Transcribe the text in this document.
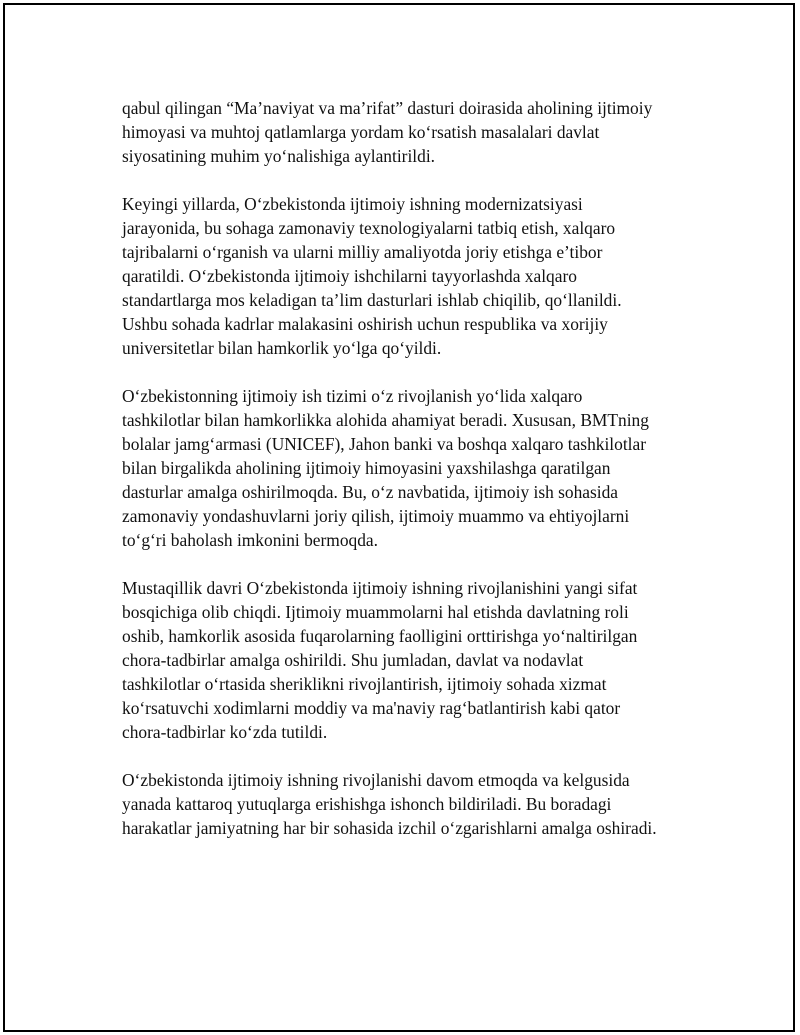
qabul qilingan “Ma’naviyat va ma’rifat” dasturi doirasida aholining ijtimoiy
himoyasi va muhtoj qatlamlarga yordam ko‘rsatish masalalari davlat
siyosatining muhim yo‘nalishiga aylantirildi.

Keyingi yillarda, O‘zbekistonda ijtimoiy ishning modernizatsiyasi
jarayonida, bu sohaga zamonaviy texnologiyalarni tatbiq etish, xalqaro
tajribalarni o‘rganish va ularni milliy amaliyotda joriy etishga e’tibor
qaratildi. O‘zbekistonda ijtimoiy ishchilarni tayyorlashda xalqaro
standartlarga mos keladigan ta’lim dasturlari ishlab chiqilib, qo‘llanildi.
Ushbu sohada kadrlar malakasini oshirish uchun respublika va xorijiy
universitetlar bilan hamkorlik yo‘lga qo‘yildi.

O‘zbekistonning ijtimoiy ish tizimi o‘z rivojlanish yo‘lida xalqaro
tashkilotlar bilan hamkorlikka alohida ahamiyat beradi. Xususan, BMTning
bolalar jamg‘armasi (UNICEF), Jahon banki va boshqa xalqaro tashkilotlar
bilan birgalikda aholining ijtimoiy himoyasini yaxshilashga qaratilgan
dasturlar amalga oshirilmoqda. Bu, o‘z navbatida, ijtimoiy ish sohasida
zamonaviy yondashuvlarni joriy qilish, ijtimoiy muammo va ehtiyojlarni
to‘g‘ri baholash imkonini bermoqda.

Mustaqillik davri O‘zbekistonda ijtimoiy ishning rivojlanishini yangi sifat
bosqichiga olib chiqdi. Ijtimoiy muammolarni hal etishda davlatning roli
oshib, hamkorlik asosida fuqarolarning faolligini orttirishga yo‘naltirilgan
chora-tadbirlar amalga oshirildi. Shu jumladan, davlat va nodavlat
tashkilotlar o‘rtasida sheriklikni rivojlantirish, ijtimoiy sohada xizmat
ko‘rsatuvchi xodimlarni moddiy va ma'naviy rag‘batlantirish kabi qator
chora-tadbirlar ko‘zda tutildi.

O‘zbekistonda ijtimoiy ishning rivojlanishi davom etmoqda va kelgusida
yanada kattaroq yutuqlarga erishishga ishonch bildiriladi. Bu boradagi
harakatlar jamiyatning har bir sohasida izchil o‘zgarishlarni amalga oshiradi.
